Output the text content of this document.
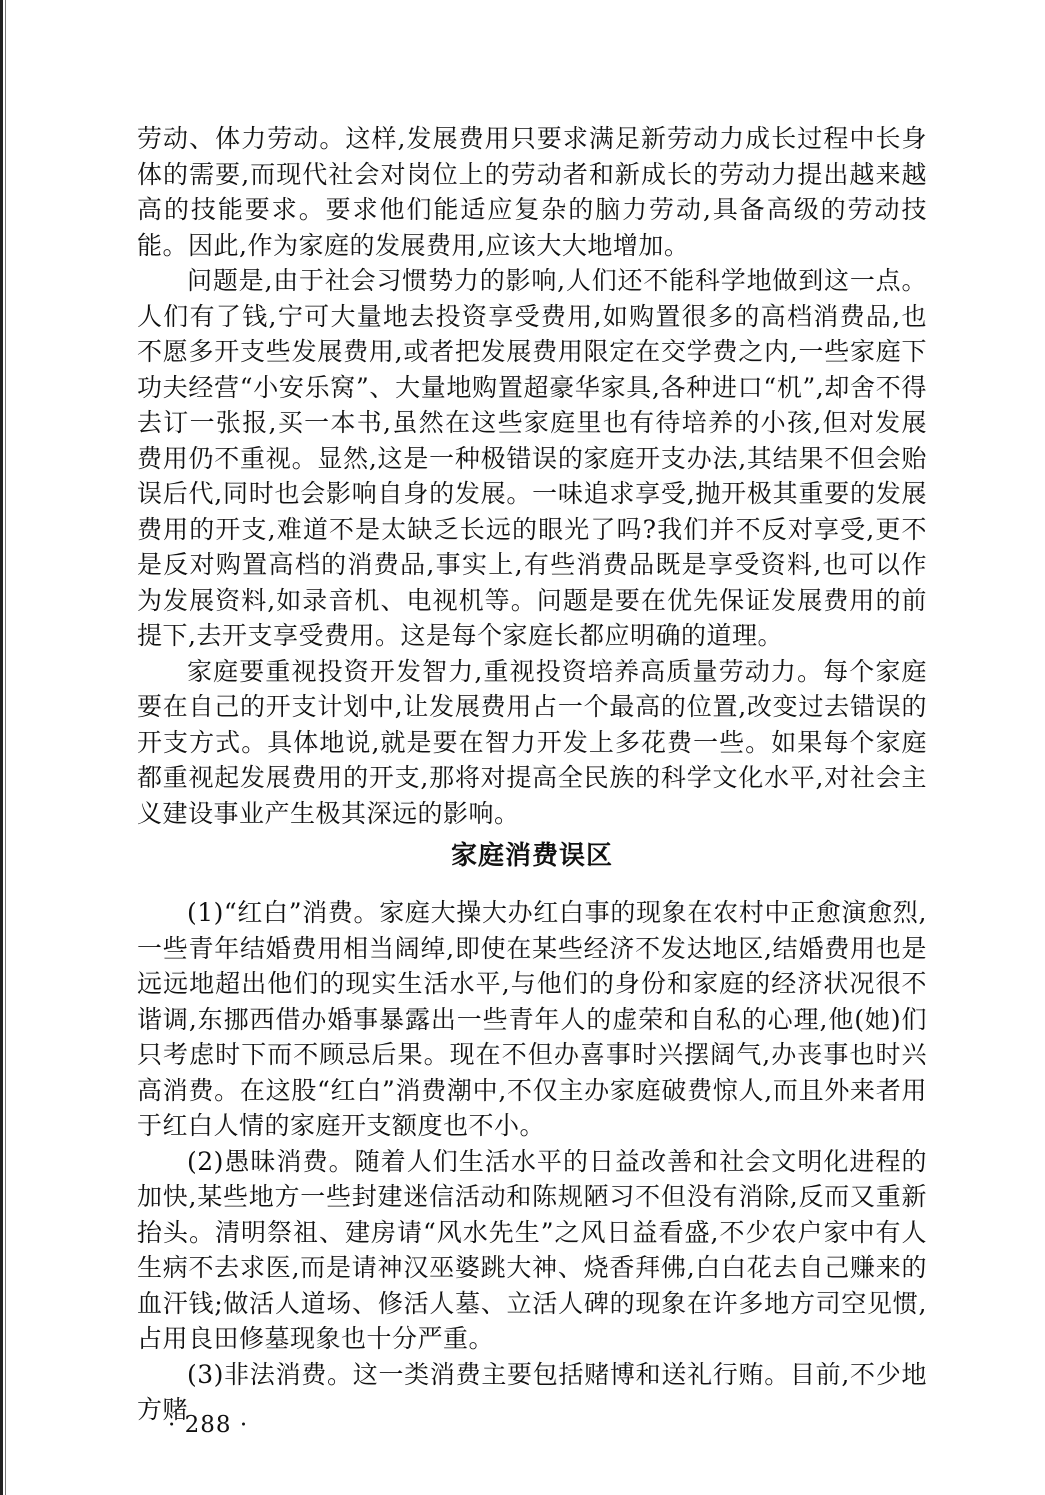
劳动、体力劳动。这样,发展费用只要求满足新劳动力成长过程中长身体的需要,而现代社会对岗位上的劳动者和新成长的劳动力提出越来越高的技能要求。要求他们能适应复杂的脑力劳动,具备高级的劳动技能。因此,作为家庭的发展费用,应该大大地增加。

问题是,由于社会习惯势力的影响,人们还不能科学地做到这一点。人们有了钱,宁可大量地去投资享受费用,如购置很多的高档消费品,也不愿多开支些发展费用,或者把发展费用限定在交学费之内,一些家庭下功夫经营“小安乐窝”、大量地购置超豪华家具,各种进口“机”,却舍不得去订一张报,买一本书,虽然在这些家庭里也有待培养的小孩,但对发展费用仍不重视。显然,这是一种极错误的家庭开支办法,其结果不但会贻误后代,同时也会影响自身的发展。一味追求享受,抛开极其重要的发展费用的开支,难道不是太缺乏长远的眼光了吗?我们并不反对享受,更不是反对购置高档的消费品,事实上,有些消费品既是享受资料,也可以作为发展资料,如录音机、电视机等。问题是要在优先保证发展费用的前提下,去开支享受费用。这是每个家庭长都应明确的道理。

家庭要重视投资开发智力,重视投资培养高质量劳动力。每个家庭要在自己的开支计划中,让发展费用占一个最高的位置,改变过去错误的开支方式。具体地说,就是要在智力开发上多花费一些。如果每个家庭都重视起发展费用的开支,那将对提高全民族的科学文化水平,对社会主义建设事业产生极其深远的影响。

家庭消费误区

(1)“红白”消费。家庭大操大办红白事的现象在农村中正愈演愈烈,一些青年结婚费用相当阔绰,即使在某些经济不发达地区,结婚费用也是远远地超出他们的现实生活水平,与他们的身份和家庭的经济状况很不谐调,东挪西借办婚事暴露出一些青年人的虚荣和自私的心理,他(她)们只考虑时下而不顾忌后果。现在不但办喜事时兴摆阔气,办丧事也时兴高消费。在这股“红白”消费潮中,不仅主办家庭破费惊人,而且外来者用于红白人情的家庭开支额度也不小。

(2)愚昧消费。随着人们生活水平的日益改善和社会文明化进程的加快,某些地方一些封建迷信活动和陈规陋习不但没有消除,反而又重新抬头。清明祭祖、建房请“风水先生”之风日益看盛,不少农户家中有人生病不去求医,而是请神汉巫婆跳大神、烧香拜佛,白白花去自己赚来的血汗钱;做活人道场、修活人墓、立活人碑的现象在许多地方司空见惯,占用良田修墓现象也十分严重。

(3)非法消费。这一类消费主要包括赌博和送礼行贿。目前,不少地方赌

· 288 ·
